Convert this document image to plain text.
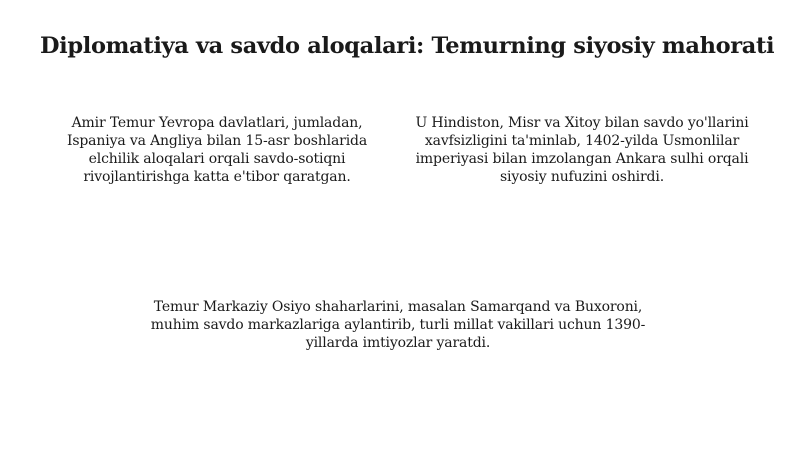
Diplomatiya va savdo aloqalari: Temurning siyosiy mahorati

Amir Temur Yevropa davlatlari, jumladan, Ispaniya va Angliya bilan 15-asr boshlarida elchilik aloqalari orqali savdo-sotiqni rivojlantirishga katta e'tibor qaratgan.

U Hindiston, Misr va Xitoy bilan savdo yo'llarini xavfsizligini ta'minlab, 1402-yilda Usmonlilar imperiyasi bilan imzolangan Ankara sulhi orqali siyosiy nufuzini oshirdi.

Temur Markaziy Osiyo shaharlarini, masalan Samarqand va Buxoroni, muhim savdo markazlariga aylantirib, turli millat vakillari uchun 1390-yillarda imtiyozlar yaratdi.
